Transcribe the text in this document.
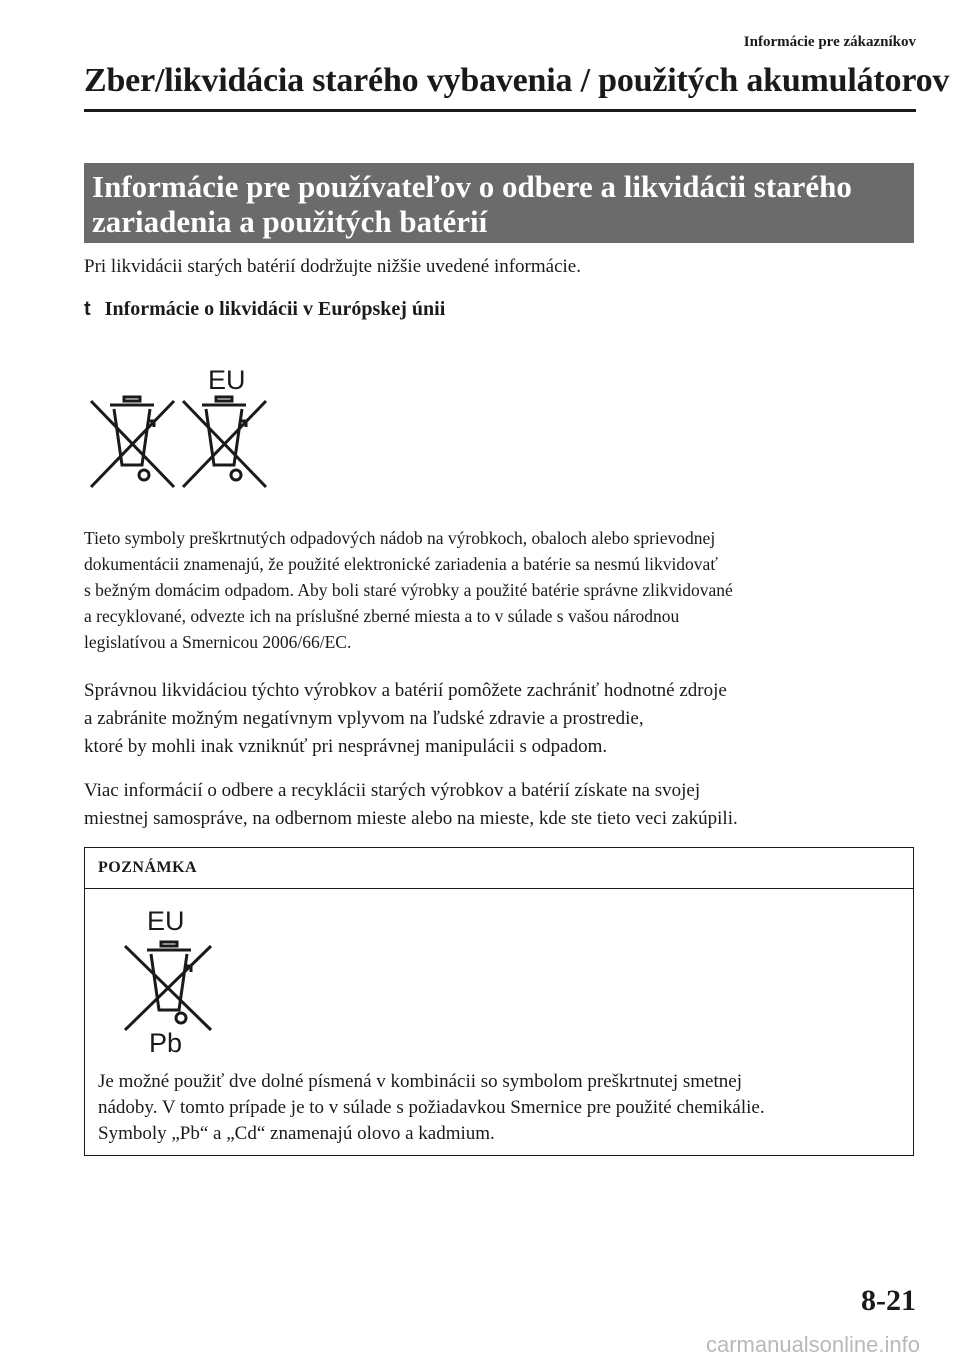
Informácie pre zákazníkov
Zber/likvidácia starého vybavenia / použitých akumulátorov
Informácie pre používateľov o odbere a likvidácii starého
zariadenia a použitých batérií
Pri likvidácii starých batérií dodržujte nižšie uvedené informácie.
t Informácie o likvidácii v Európskej únii
EU
Tieto symboly preškrtnutých odpadových nádob na výrobkoch, obaloch alebo sprievodnej
dokumentácii znamenajú, že použité elektronické zariadenia a batérie sa nesmú likvidovať
s bežným domácim odpadom. Aby boli staré výrobky a použité batérie správne zlikvidované
a recyklované, odvezte ich na príslušné zberné miesta a to v súlade s vašou národnou
legislatívou a Smernicou 2006/66/EC.
Správnou likvidáciou týchto výrobkov a batérií pomôžete zachrániť hodnotné zdroje
a zabránite možným negatívnym vplyvom na ľudské zdravie a prostredie,
ktoré by mohli inak vzniknúť pri nesprávnej manipulácii s odpadom.
Viac informácií o odbere a recyklácii starých výrobkov a batérií získate na svojej
miestnej samospráve, na odbernom mieste alebo na mieste, kde ste tieto veci zakúpili.
POZNÁMKA
EU
Pb
Je možné použiť dve dolné písmená v kombinácii so symbolom preškrtnutej smetnej
nádoby. V tomto prípade je to v súlade s požiadavkou Smernice pre použité chemikálie.
Symboly „Pb“ a „Cd“ znamenajú olovo a kadmium.
8-21
carmanualsonline.info
